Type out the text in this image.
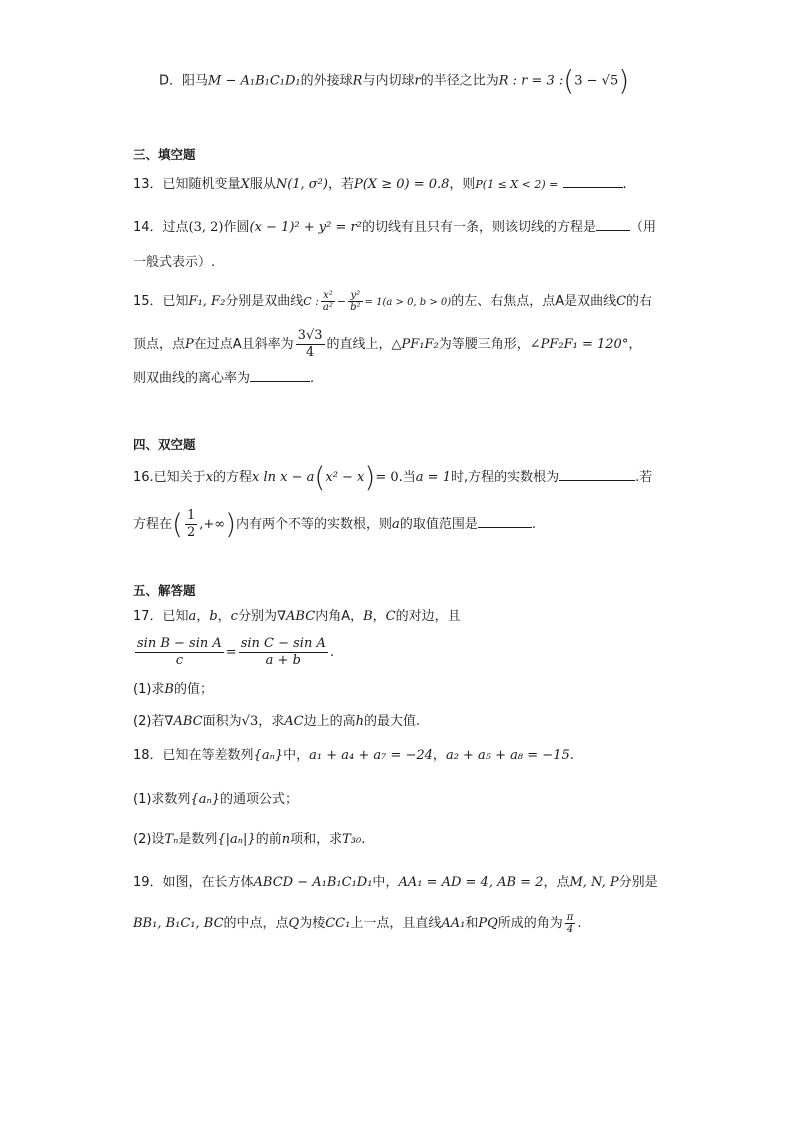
D．阳马M − A₁B₁C₁D₁的外接球R与内切球r的半径之比为R : r = 3 :(3 − √5)
三、填空题
13．已知随机变量X服从N(1, σ²)，若P(X ≥ 0) = 0.8，则P(1 ≤ X < 2) =	.
14．过点(3, 2)作圆(x − 1)² + y² = r²的切线有且只有一条，则该切线的方程是	（用
一般式表示）.
15．已知F₁, F₂分别是双曲线C : $\frac{\text{x²}}{\text{a²}} - \frac{\text{y²}}{\text{b²}} = 1(a > 0$, b > 0)的左、右焦点，点A是双曲线C的右
顶点，点P在过点A且斜率为 $\frac{3√3}{4}$ 的直线上，△PF₁F₂为等腰三角形，∠PF₂F₁ = 120°，
则双曲线的离心率为	.
四、双空题
16.已知关于x的方程x ln x − a(x² − x)= 0.当a = 1时,方程的实数根为	.若
方程在( $\frac{1}{2}$ ,+∞)内有两个不等的实数根，则a的取值范围是	.
五、解答题
17．已知a，b，c分别为∇ABC内角A，B，C的对边，且
$\frac{\text{sin B − sin A}}{c} = \frac{\text{sin C − sin A}}{a + b}$ .
(1)求B的值；
(2)若∇ABC面积为√3，求AC边上的高h的最大值.
18．已知在等差数列{aₙ}中，a₁ + a₄ + a₇ = −24，a₂ + a₅ + a₈ = −15.
(1)求数列{aₙ}的通项公式；
(2)设Tₙ是数列{|aₙ|}的前n项和，求T₃₀.
19．如图，在长方体ABCD − A₁B₁C₁D₁中，AA₁ = AD = 4, AB = 2，点M, N, P分别是
BB₁, B₁C₁, BC的中点，点Q为棱CC₁上一点，且直线AA₁和PQ所成的角为 $\frac{\pi}{4}$ .
